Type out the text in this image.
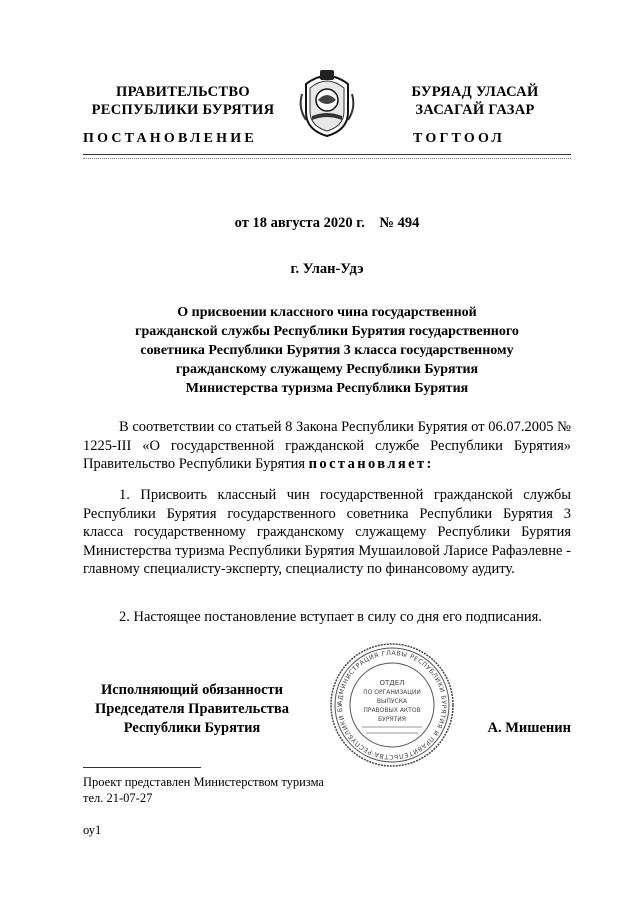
ПРАВИТЕЛЬСТВО
РЕСПУБЛИКИ БУРЯТИЯ
БУРЯАД УЛАСАЙ
ЗАСАГАЙ ГАЗАР
ПОСТАНОВЛЕНИЕ	ТОГТООЛ
от 18 августа 2020 г.    № 494
г. Улан-Удэ
О присвоении классного чина государственной
гражданской службы Республики Бурятия государственного
советника Республики Бурятия 3 класса государственному
гражданскому служащему Республики Бурятия
Министерства туризма Республики Бурятия
В соответствии со статьей 8 Закона Республики Бурятия от 06.07.2005 № 1225-III «О государственной гражданской службе Республики Бурятия» Правительство Республики Бурятия постановляет:
1. Присвоить классный чин государственной гражданской службы Республики Бурятия государственного советника Республики Бурятия 3 класса государственному гражданскому служащему Республики Бурятия Министерства туризма Республики Бурятия Мушаиловой Ларисе Рафаэлевне - главному специалисту-эксперту, специалисту по финансовому аудиту.
2. Настоящее постановление вступает в силу со дня его подписания.
Исполняющий обязанности
Председателя Правительства
Республики Бурятия
АДМИНИСТРАЦИЯ ГЛАВЫ РЕСПУБЛИКИ БУРЯТИЯ И ПРАВИТЕЛЬСТВА РЕСПУБЛИКИ БУ
ОТДЕЛ
ПО ОРГАНИЗАЦИИ
ВЫПУСКА
ПРАВОВЫХ АКТОВ
БУРЯТИЯ
А. Мишенин
Проект представлен Министерством туризма
тел. 21-07-27
оу1
